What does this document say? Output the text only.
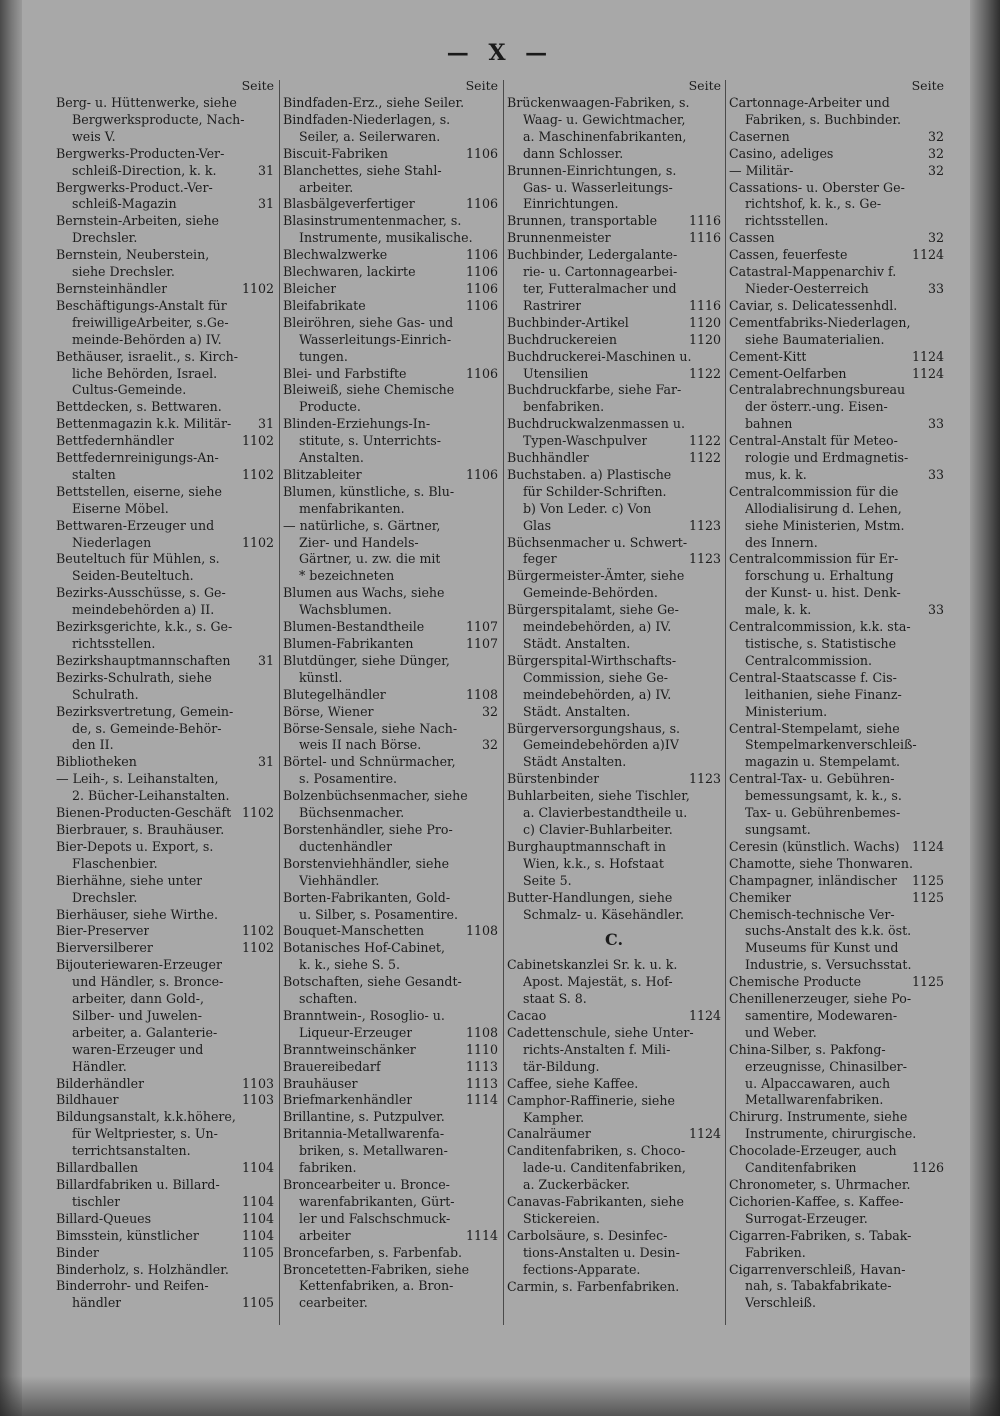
— X —
Seite
Berg- u. Hüttenwerke, siehe
Bergwerksproducte, Nach-
weis V.
Bergwerks-Producten-Ver-
schleiß-Direction, k. k.	31
Bergwerks-Product.-Ver-
schleiß-Magazin	31
Bernstein-Arbeiten, siehe
Drechsler.
Bernstein, Neuberstein,
siehe Drechsler.
Bernsteinhändler	1102
Beschäftigungs-Anstalt für
freiwilligeArbeiter, s.Ge-
meinde-Behörden a) IV.
Bethäuser, israelit., s. Kirch-
liche Behörden, Israel.
Cultus-Gemeinde.
Bettdecken, s. Bettwaren.
Bettenmagazin k.k. Militär-	31
Bettfedernhändler	1102
Bettfedernreinigungs-An-
stalten	1102
Bettstellen, eiserne, siehe
Eiserne Möbel.
Bettwaren-Erzeuger und
Niederlagen	1102
Beuteltuch für Mühlen, s.
Seiden-Beuteltuch.
Bezirks-Ausschüsse, s. Ge-
meindebehörden a) II.
Bezirksgerichte, k.k., s. Ge-
richtsstellen.
Bezirkshauptmannschaften	31
Bezirks-Schulrath, siehe
Schulrath.
Bezirksvertretung, Gemein-
de, s. Gemeinde-Behör-
den II.
Bibliotheken	31
— Leih-, s. Leihanstalten,
2. Bücher-Leihanstalten.
Bienen-Producten-Geschäft 1102
Bierbrauer, s. Brauhäuser.
Bier-Depots u. Export, s.
Flaschenbier.
Bierhähne, siehe unter
Drechsler.
Bierhäuser, siehe Wirthe.
Bier-Preserver	1102
Bierversilberer	1102
Bijouteriewaren-Erzeuger
und Händler, s. Bronce-
arbeiter, dann Gold-,
Silber- und Juwelen-
arbeiter, a. Galanterie-
waren-Erzeuger und
Händler.
Bilderhändler	1103
Bildhauer	1103
Bildungsanstalt, k.k.höhere,
für Weltpriester, s. Un-
terrichtsanstalten.
Billardballen	1104
Billardfabriken u. Billard-
tischler	1104
Billard-Queues	1104
Bimsstein, künstlicher	1104
Binder	1105
Binderholz, s. Holzhändler.
Binderrohr- und Reifen-
händler	1105
Seite
Bindfaden-Erz., siehe Seiler.
Bindfaden-Niederlagen, s.
Seiler, a. Seilerwaren.
Biscuit-Fabriken	1106
Blanchettes, siehe Stahl-
arbeiter.
Blasbälgeverfertiger	1106
Blasinstrumentenmacher, s.
Instrumente, musikalische.
Blechwalzwerke	1106
Blechwaren, lackirte	1106
Bleicher	1106
Bleifabrikate	1106
Bleiröhren, siehe Gas- und
Wasserleitungs-Einrich-
tungen.
Blei- und Farbstifte	1106
Bleiweiß, siehe Chemische
Producte.
Blinden-Erziehungs-In-
stitute, s. Unterrichts-
Anstalten.
Blitzableiter	1106
Blumen, künstliche, s. Blu-
menfabrikanten.
— natürliche, s. Gärtner,
Zier- und Handels-
Gärtner, u. zw. die mit
* bezeichneten
Blumen aus Wachs, siehe
Wachsblumen.
Blumen-Bestandtheile	1107
Blumen-Fabrikanten	1107
Blutdünger, siehe Dünger,
künstl.
Blutegelhändler	1108
Börse, Wiener	32
Börse-Sensale, siehe Nach-
weis II nach Börse.	32
Börtel- und Schnürmacher,
s. Posamentire.
Bolzenbüchsenmacher, siehe
Büchsenmacher.
Borstenhändler, siehe Pro-
ductenhändler
Borstenviehhändler, siehe
Viehhändler.
Borten-Fabrikanten, Gold-
u. Silber, s. Posamentire.
Bouquet-Manschetten	1108
Botanisches Hof-Cabinet,
k. k., siehe S. 5.
Botschaften, siehe Gesandt-
schaften.
Branntwein-, Rosoglio- u.
Liqueur-Erzeuger	1108
Branntweinschänker	1110
Brauereibedarf	1113
Brauhäuser	1113
Briefmarkenhändler	1114
Brillantine, s. Putzpulver.
Britannia-Metallwarenfa-
briken, s. Metallwaren-
fabriken.
Broncearbeiter u. Bronce-
warenfabrikanten, Gürt-
ler und Falschschmuck-
arbeiter	1114
Broncefarben, s. Farbenfab.
Broncetetten-Fabriken, siehe
Kettenfabriken, a. Bron-
cearbeiter.
Seite
Brückenwaagen-Fabriken, s.
Waag- u. Gewichtmacher,
a. Maschinenfabrikanten,
dann Schlosser.
Brunnen-Einrichtungen, s.
Gas- u. Wasserleitungs-
Einrichtungen.
Brunnen, transportable	1116
Brunnenmeister	1116
Buchbinder, Ledergalante-
rie- u. Cartonnagearbei-
ter, Futteralmacher und
Rastrirer	1116
Buchbinder-Artikel	1120
Buchdruckereien	1120
Buchdruckerei-Maschinen u.
Utensilien	1122
Buchdruckfarbe, siehe Far-
benfabriken.
Buchdruckwalzenmassen u.
Typen-Waschpulver	1122
Buchhändler	1122
Buchstaben. a) Plastische
für Schilder-Schriften.
b) Von Leder. c) Von
Glas	1123
Büchsenmacher u. Schwert-
feger	1123
Bürgermeister-Ämter, siehe
Gemeinde-Behörden.
Bürgerspitalamt, siehe Ge-
meindebehörden, a) IV.
Städt. Anstalten.
Bürgerspital-Wirthschafts-
Commission, siehe Ge-
meindebehörden, a) IV.
Städt. Anstalten.
Bürgerversorgungshaus, s.
Gemeindebehörden a)IV
Städt Anstalten.
Bürstenbinder	1123
Buhlarbeiten, siehe Tischler,
a. Clavierbestandtheile u.
c) Clavier-Buhlarbeiter.
Burghauptmannschaft in
Wien, k.k., s. Hofstaat
Seite 5.
Butter-Handlungen, siehe
Schmalz- u. Käsehändler.
C.
Cabinetskanzlei Sr. k. u. k.
Apost. Majestät, s. Hof-
staat S. 8.
Cacao	1124
Cadettenschule, siehe Unter-
richts-Anstalten f. Mili-
tär-Bildung.
Caffee, siehe Kaffee.
Camphor-Raffinerie, siehe
Kampher.
Canalräumer	1124
Canditenfabriken, s. Choco-
lade-u. Canditenfabriken,
a. Zuckerbäcker.
Canavas-Fabrikanten, siehe
Stickereien.
Carbolsäure, s. Desinfec-
tions-Anstalten u. Desin-
fections-Apparate.
Carmin, s. Farbenfabriken.
Seite
Cartonnage-Arbeiter und
Fabriken, s. Buchbinder.
Casernen	32
Casino, adeliges	32
— Militär-	32
Cassations- u. Oberster Ge-
richtshof, k. k., s. Ge-
richtsstellen.
Cassen	32
Cassen, feuerfeste	1124
Catastral-Mappenarchiv f.
Nieder-Oesterreich	33
Caviar, s. Delicatessenhdl.
Cementfabriks-Niederlagen,
siehe Baumaterialien.
Cement-Kitt	1124
Cement-Oelfarben	1124
Centralabrechnungsbureau
der österr.-ung. Eisen-
bahnen	33
Central-Anstalt für Meteo-
rologie und Erdmagnetis-
mus, k. k.	33
Centralcommission für die
Allodialisirung d. Lehen,
siehe Ministerien, Mstm.
des Innern.
Centralcommission für Er-
forschung u. Erhaltung
der Kunst- u. hist. Denk-
male, k. k.	33
Centralcommission, k.k. sta-
tistische, s. Statistische
Centralcommission.
Central-Staatscasse f. Cis-
leithanien, siehe Finanz-
Ministerium.
Central-Stempelamt, siehe
Stempelmarkenverschleiß-
magazin u. Stempelamt.
Central-Tax- u. Gebühren-
bemessungsamt, k. k., s.
Tax- u. Gebührenbemes-
sungsamt.
Ceresin (künstlich. Wachs) 1124
Chamotte, siehe Thonwaren.
Champagner, inländischer	1125
Chemiker	1125
Chemisch-technische Ver-
suchs-Anstalt des k.k. öst.
Museums für Kunst und
Industrie, s. Versuchsstat.
Chemische Producte	1125
Chenillenerzeuger, siehe Po-
samentire, Modewaren-
und Weber.
China-Silber, s. Pakfong-
erzeugnisse, Chinasilber-
u. Alpaccawaren, auch
Metallwarenfabriken.
Chirurg. Instrumente, siehe
Instrumente, chirurgische.
Chocolade-Erzeuger, auch
Canditenfabriken	1126
Chronometer, s. Uhrmacher.
Cichorien-Kaffee, s. Kaffee-
Surrogat-Erzeuger.
Cigarren-Fabriken, s. Tabak-
Fabriken.
Cigarrenverschleiß, Havan-
nah, s. Tabakfabrikate-
Verschleiß.
